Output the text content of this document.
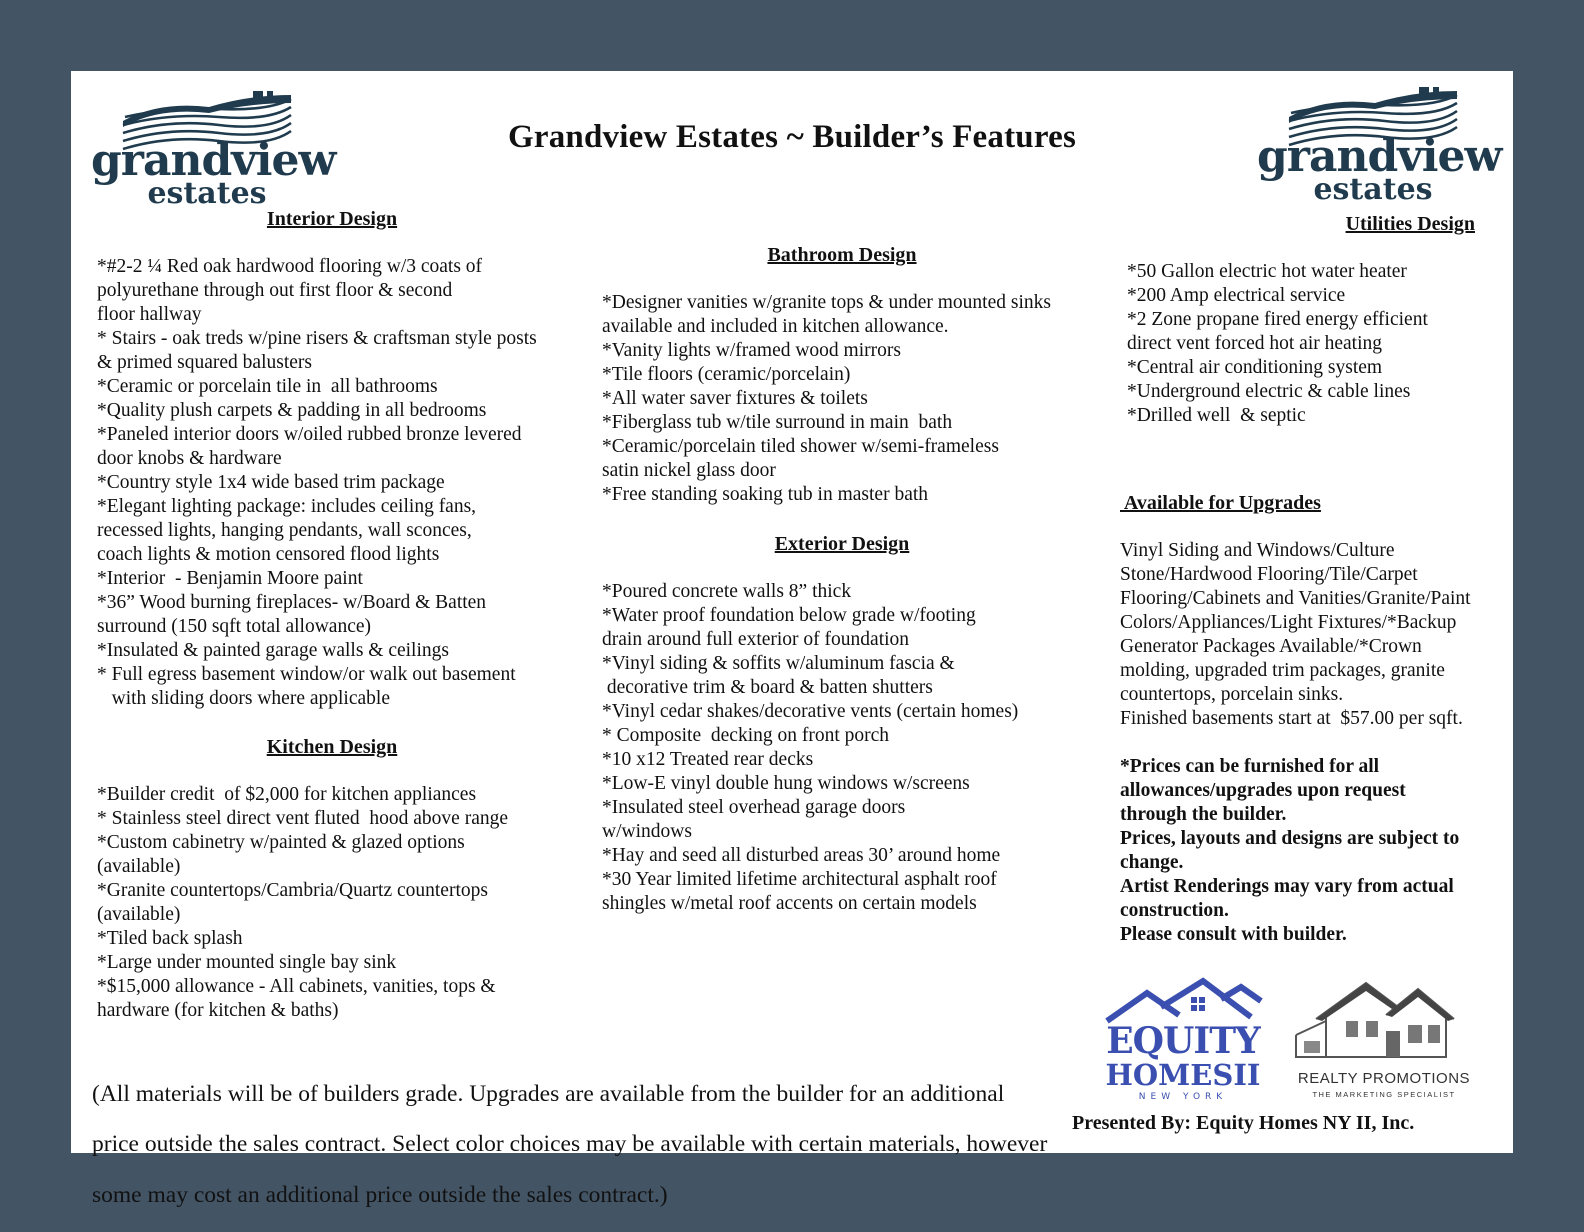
grandview
estates
grandview
estates
Grandview Estates ~ Builder’s Features

Interior Design

*#2-2 ¼ Red oak hardwood flooring w/3 coats of

polyurethane through out first floor & second

floor hallway

* Stairs - oak treds w/pine risers & craftsman style posts

& primed squared balusters

*Ceramic or porcelain tile in  all bathrooms

*Quality plush carpets & padding in all bedrooms

*Paneled interior doors w/oiled rubbed bronze levered

door knobs & hardware

*Country style 1x4 wide based trim package

*Elegant lighting package: includes ceiling fans,

recessed lights, hanging pendants, wall sconces,

coach lights & motion censored flood lights

*Interior  - Benjamin Moore paint

*36” Wood burning fireplaces- w/Board & Batten

surround (150 sqft total allowance)

*Insulated & painted garage walls & ceilings

* Full egress basement window/or walk out basement

with sliding doors where applicable

Kitchen Design

*Builder credit  of $2,000 for kitchen appliances

* Stainless steel direct vent fluted  hood above range

*Custom cabinetry w/painted & glazed options

(available)

*Granite countertops/Cambria/Quartz countertops

(available)

*Tiled back splash

*Large under mounted single bay sink

*$15,000 allowance - All cabinets, vanities, tops &

hardware (for kitchen & baths)

Bathroom Design

*Designer vanities w/granite tops & under mounted sinks

available and included in kitchen allowance.

*Vanity lights w/framed wood mirrors

*Tile floors (ceramic/porcelain)

*All water saver fixtures & toilets

*Fiberglass tub w/tile surround in main  bath

*Ceramic/porcelain tiled shower w/semi-frameless

satin nickel glass door

*Free standing soaking tub in master bath

Exterior Design

*Poured concrete walls 8” thick

*Water proof foundation below grade w/footing

drain around full exterior of foundation

*Vinyl siding & soffits w/aluminum fascia &

decorative trim & board & batten shutters

*Vinyl cedar shakes/decorative vents (certain homes)

* Composite  decking on front porch

*10 x12 Treated rear decks

*Low-E vinyl double hung windows w/screens

*Insulated steel overhead garage doors

w/windows

*Hay and seed all disturbed areas 30’ around home

*30 Year limited lifetime architectural asphalt roof

shingles w/metal roof accents on certain models

Utilities Design

*50 Gallon electric hot water heater

*200 Amp electrical service

*2 Zone propane fired energy efficient

direct vent forced hot air heating

*Central air conditioning system

*Underground electric & cable lines

*Drilled well  & septic

Available for Upgrades

Vinyl Siding and Windows/Culture

Stone/Hardwood Flooring/Tile/Carpet

Flooring/Cabinets and Vanities/Granite/Paint

Colors/Appliances/Light Fixtures/*Backup

Generator Packages Available/*Crown

molding, upgraded trim packages, granite

countertops, porcelain sinks.

Finished basements start at  $57.00 per sqft.

*Prices can be furnished for all

allowances/upgrades upon request

through the builder.

Prices, layouts and designs are subject to

change.

Artist Renderings may vary from actual

construction.

Please consult with builder.

EQUITY
HOMESII
NEW YORK
REALTY PROMOTIONS
THE MARKETING SPECIALIST

(All materials will be of builders grade. Upgrades are available from the builder for an additional

price outside the sales contract. Select color choices may be available with certain materials, however

some may cost an additional price outside the sales contract.)

Presented By: Equity Homes NY II, Inc.
